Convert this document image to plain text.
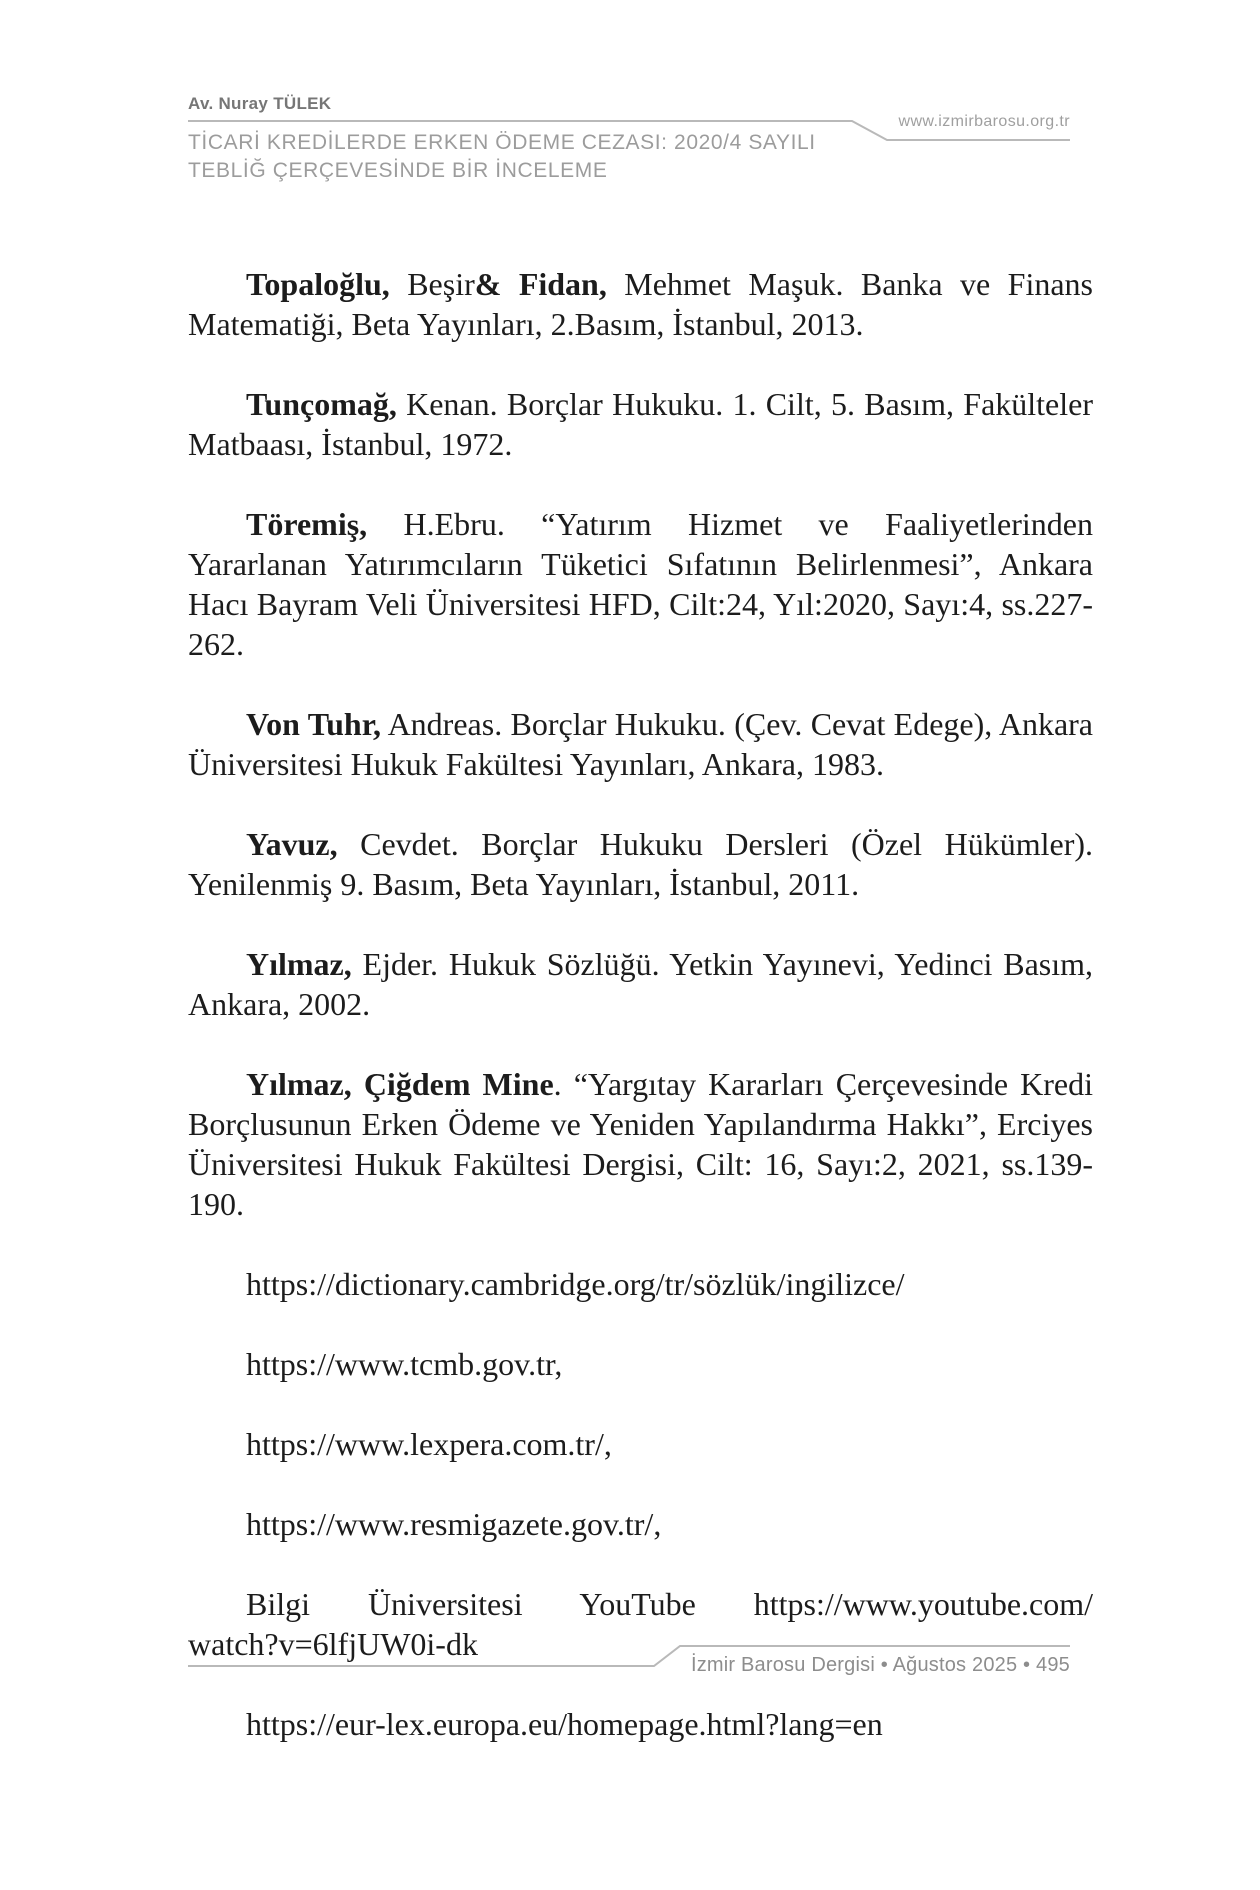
Av. Nuray TÜLEK
www.izmirbarosu.org.tr
TİCARİ KREDİLERDE ERKEN ÖDEME CEZASI: 2020/4 SAYILI
TEBLİĞ ÇERÇEVESİNDE BİR İNCELEME

Topaloğlu, Beşir& Fidan, Mehmet Maşuk. Banka ve Finans Matematiği, Beta Yayınları, 2.Basım, İstanbul, 2013.

Tunçomağ, Kenan. Borçlar Hukuku. 1. Cilt, 5. Basım, Fakülteler Matbaası, İstanbul, 1972.

Töremiş, H.Ebru. “Yatırım Hizmet ve Faaliyetlerinden Yararlanan Yatırımcıların Tüketici Sıfatının Belirlenmesi”, Ankara Hacı Bayram Veli Üniversitesi HFD, Cilt:24, Yıl:2020, Sayı:4, ss.227-262.

Von Tuhr, Andreas. Borçlar Hukuku. (Çev. Cevat Edege), Ankara Üniversitesi Hukuk Fakültesi Yayınları, Ankara, 1983.

Yavuz, Cevdet. Borçlar Hukuku Dersleri (Özel Hükümler). Yenilenmiş 9. Basım, Beta Yayınları, İstanbul, 2011.

Yılmaz, Ejder. Hukuk Sözlüğü. Yetkin Yayınevi, Yedinci Basım, Ankara, 2002.

Yılmaz, Çiğdem Mine. “Yargıtay Kararları Çerçevesinde Kredi Borçlusunun Erken Ödeme ve Yeniden Yapılandırma Hakkı”, Erciyes Üniversitesi Hukuk Fakültesi Dergisi, Cilt: 16, Sayı:2, 2021, ss.139-190.

https://dictionary.cambridge.org/tr/sözlük/ingilizce/

https://www.tcmb.gov.tr,

https://www.lexpera.com.tr/,

https://www.resmigazete.gov.tr/,

Bilgi Üniversitesi YouTube https://www.youtube.com/
watch?v=6lfjUW0i-dk

https://eur-lex.europa.eu/homepage.html?lang=en

İzmir Barosu Dergisi • Ağustos 2025 • 495
